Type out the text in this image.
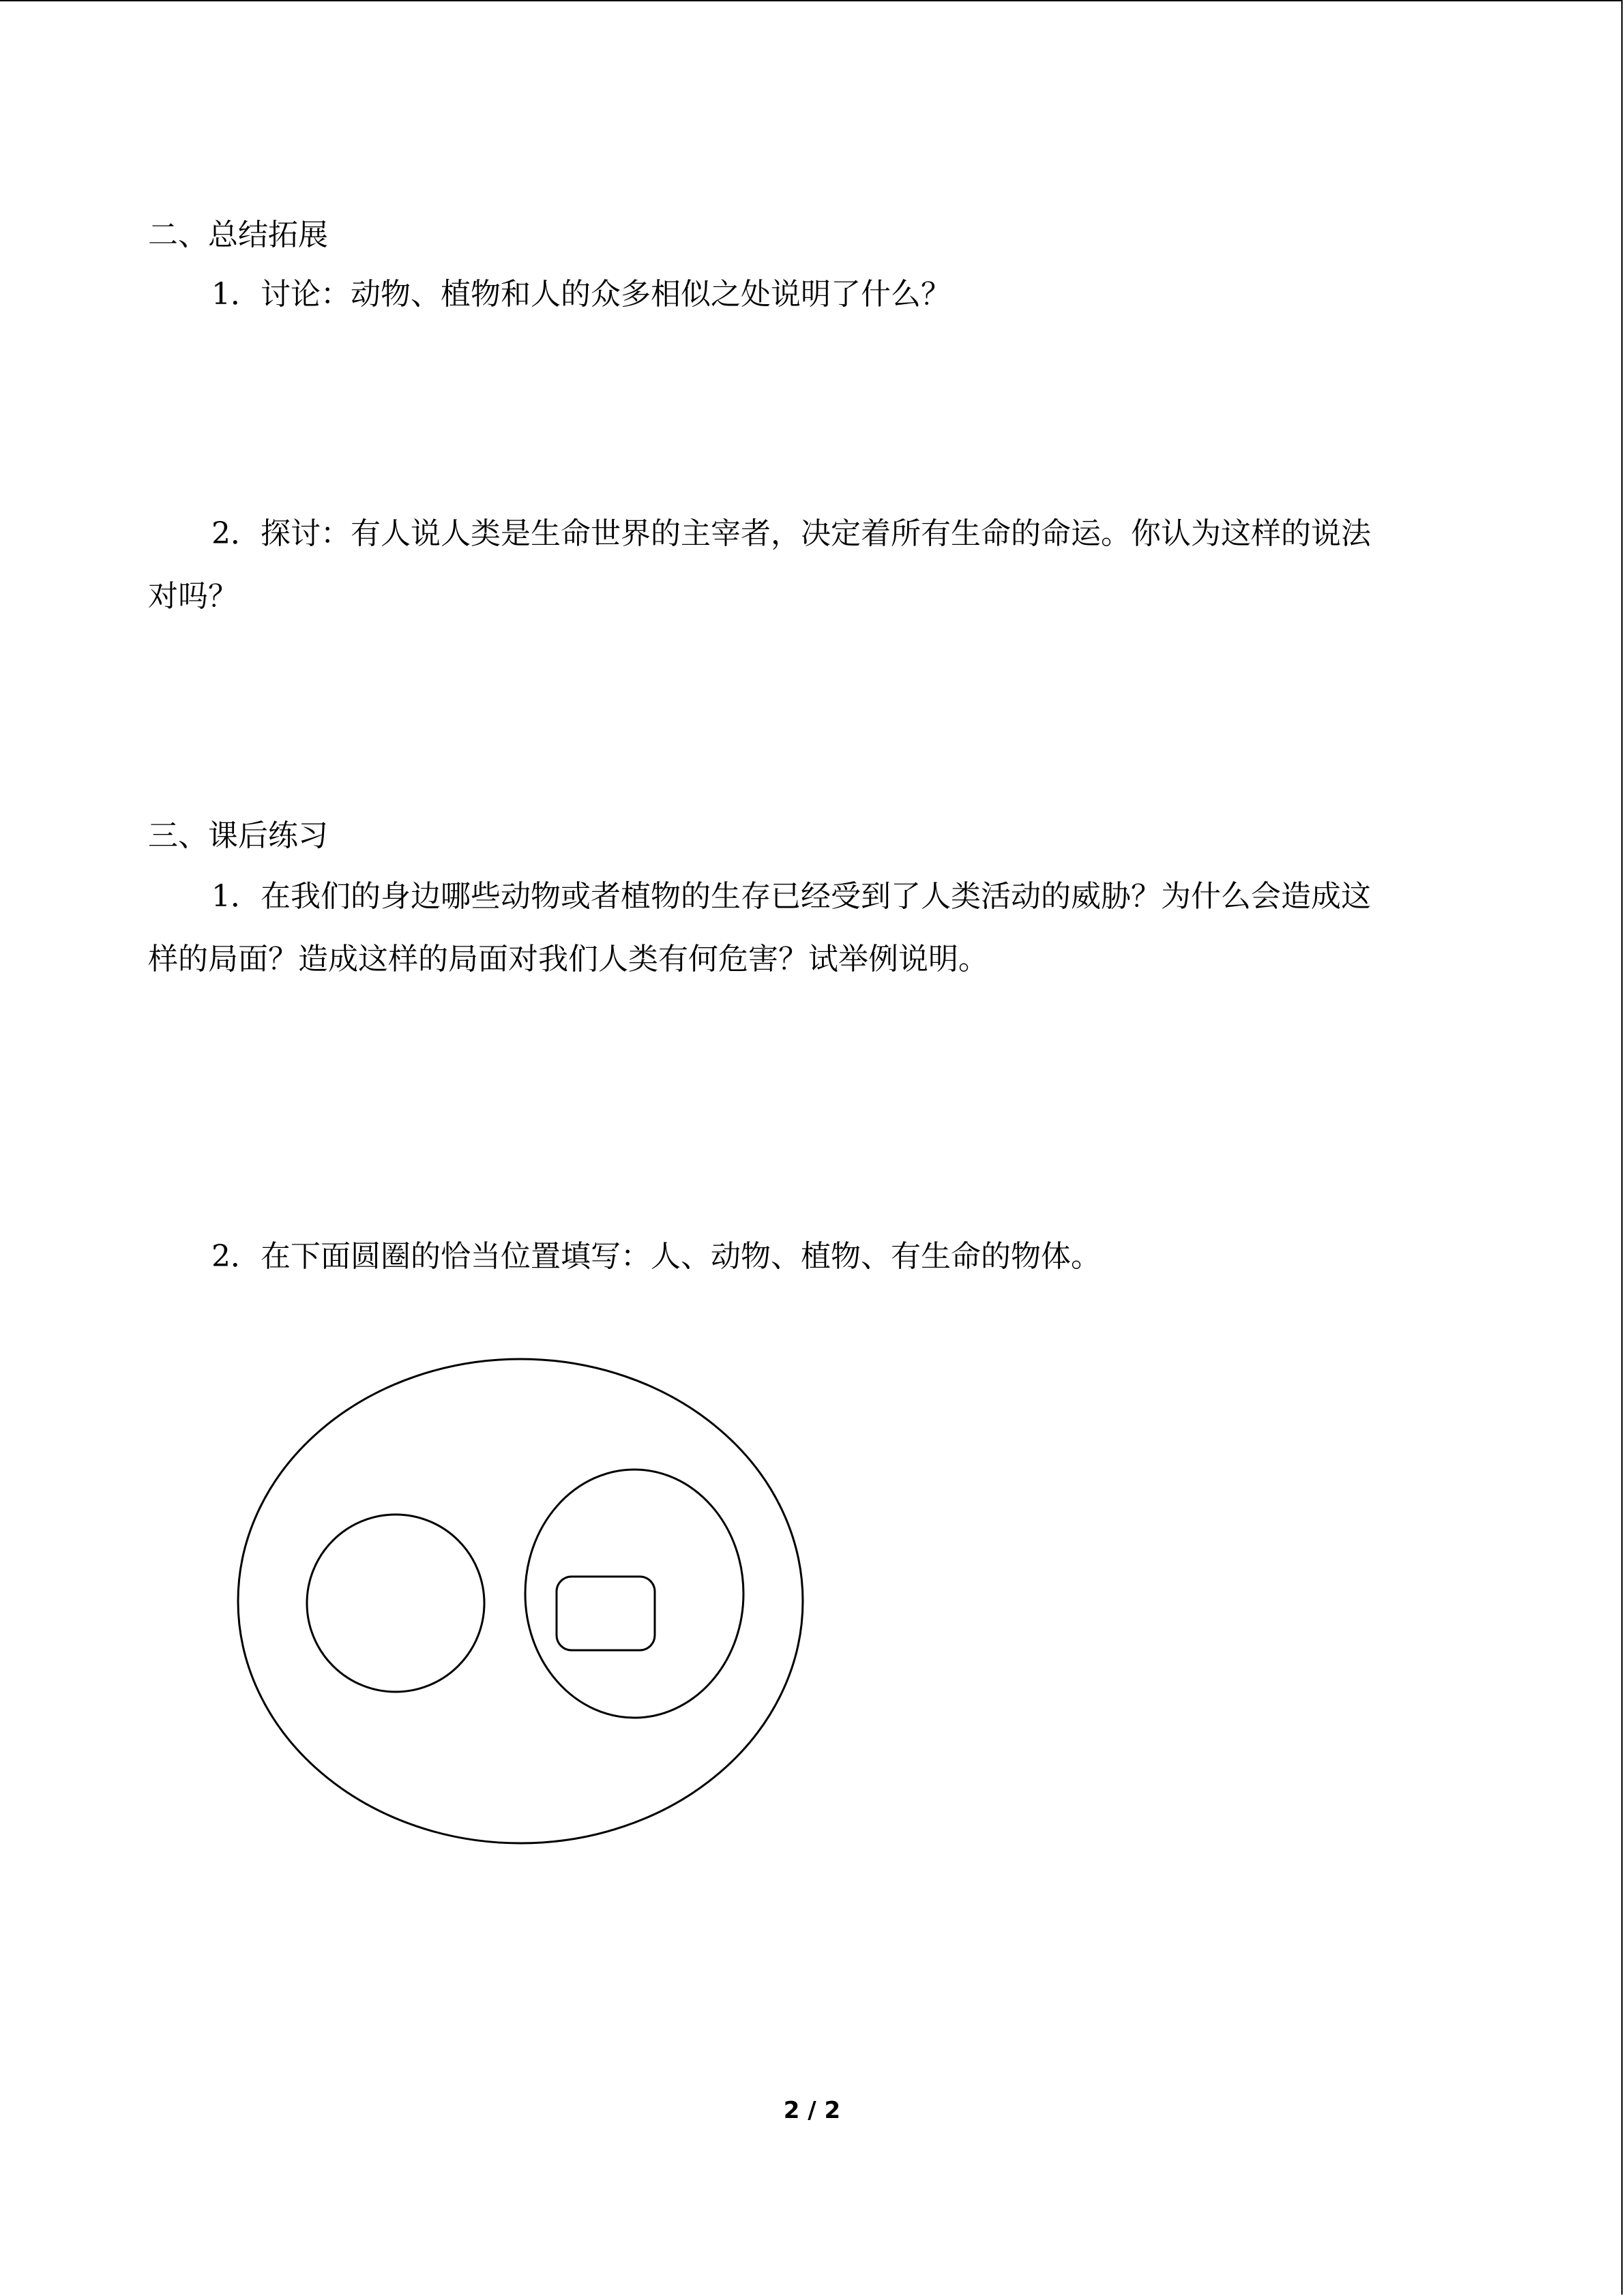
二、总结拓展
1．讨论：动物、植物和人的众多相似之处说明了什么？
2．探讨：有人说人类是生命世界的主宰者，决定着所有生命的命运。你认为这样的说法
对吗？
三、课后练习
1．在我们的身边哪些动物或者植物的生存已经受到了人类活动的威胁？为什么会造成这
样的局面？造成这样的局面对我们人类有何危害？试举例说明。
2．在下面圆圈的恰当位置填写：人、动物、植物、有生命的物体。
2 / 2
